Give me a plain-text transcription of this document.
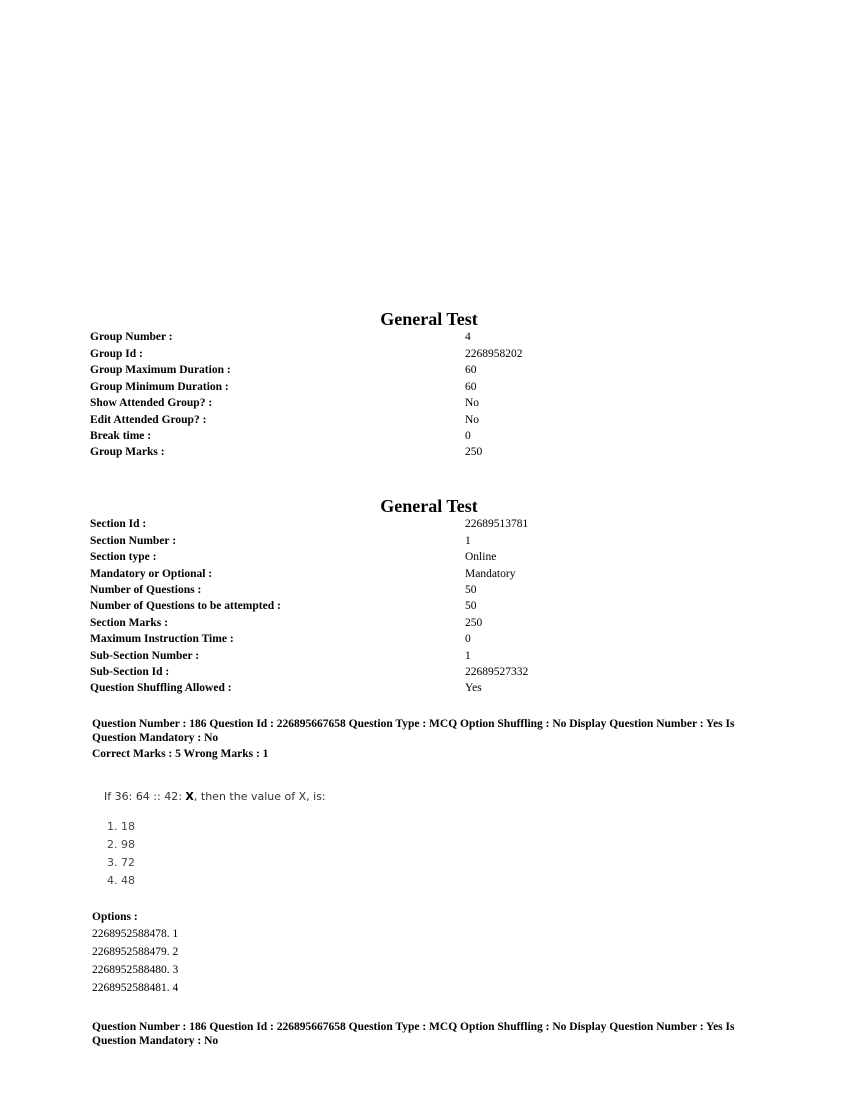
General Test
Group Number :	4
Group Id :	2268958202
Group Maximum Duration :	60
Group Minimum Duration :	60
Show Attended Group? :	No
Edit Attended Group? :	No
Break time :	0
Group Marks :	250
General Test
Section Id :	22689513781
Section Number :	1
Section type :	Online
Mandatory or Optional :	Mandatory
Number of Questions :	50
Number of Questions to be attempted :	50
Section Marks :	250
Maximum Instruction Time :	0
Sub-Section Number :	1
Sub-Section Id :	22689527332
Question Shuffling Allowed :	Yes
Question Number : 186 Question Id : 226895667658 Question Type : MCQ Option Shuffling : No Display Question Number : Yes Is Question Mandatory : No
Correct Marks : 5 Wrong Marks : 1
If 36: 64 :: 42: X, then the value of X, is:
1. 18
2. 98
3. 72
4. 48
Options :
2268952588478. 1
2268952588479. 2
2268952588480. 3
2268952588481. 4
Question Number : 186 Question Id : 226895667658 Question Type : MCQ Option Shuffling : No Display Question Number : Yes Is Question Mandatory : No
